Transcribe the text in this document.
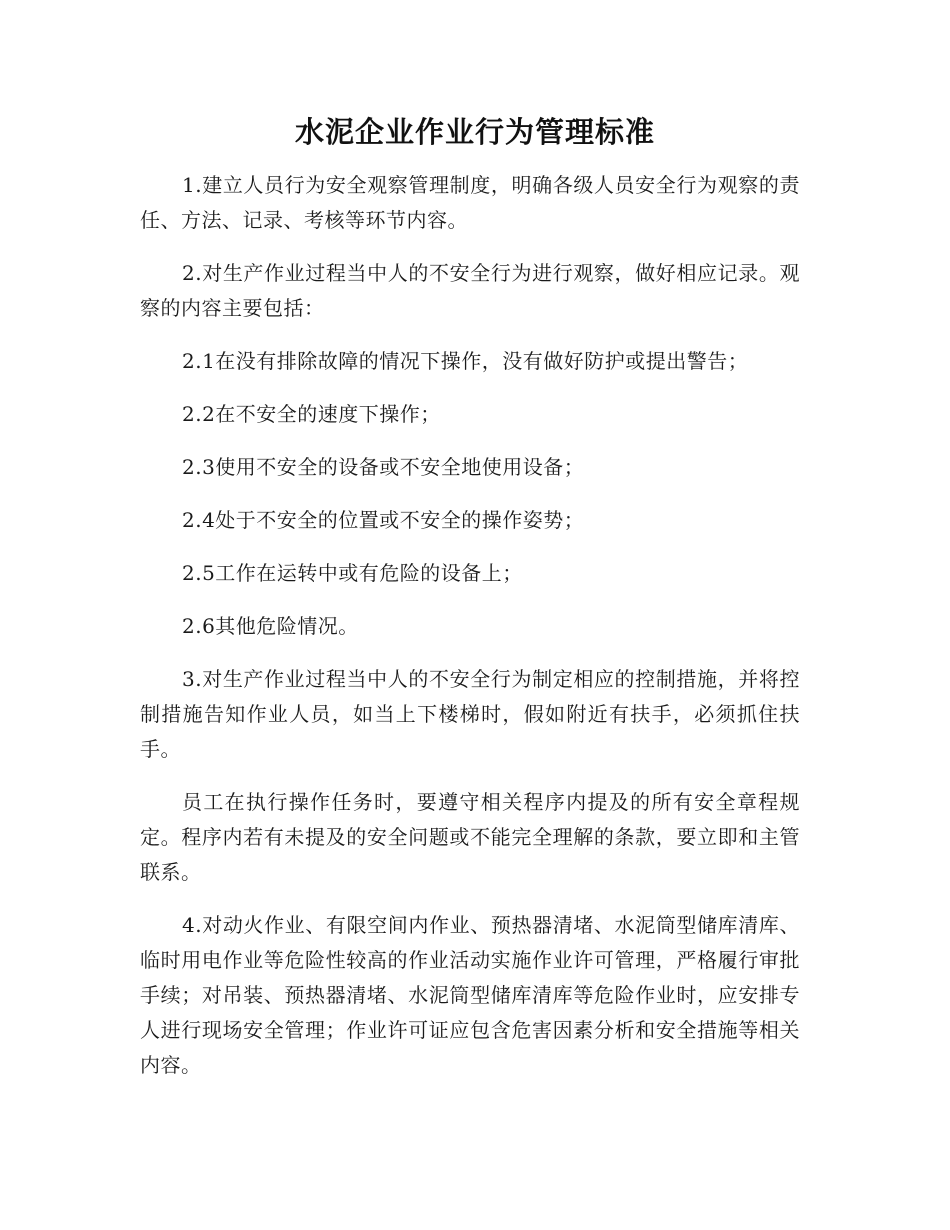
水泥企业作业行为管理标准

1.建立人员行为安全观察管理制度，明确各级人员安全行为观察的责任、方法、记录、考核等环节内容。

2.对生产作业过程当中人的不安全行为进行观察，做好相应记录。观察的内容主要包括：

2.1在没有排除故障的情况下操作，没有做好防护或提出警告；

2.2在不安全的速度下操作；

2.3使用不安全的设备或不安全地使用设备；

2.4处于不安全的位置或不安全的操作姿势；

2.5工作在运转中或有危险的设备上；

2.6其他危险情况。

3.对生产作业过程当中人的不安全行为制定相应的控制措施，并将控制措施告知作业人员，如当上下楼梯时，假如附近有扶手，必须抓住扶手。

员工在执行操作任务时，要遵守相关程序内提及的所有安全章程规定。程序内若有未提及的安全问题或不能完全理解的条款，要立即和主管联系。

4.对动火作业、有限空间内作业、预热器清堵、水泥筒型储库清库、临时用电作业等危险性较高的作业活动实施作业许可管理，严格履行审批手续；对吊装、预热器清堵、水泥筒型储库清库等危险作业时，应安排专人进行现场安全管理；作业许可证应包含危害因素分析和安全措施等相关内容。
